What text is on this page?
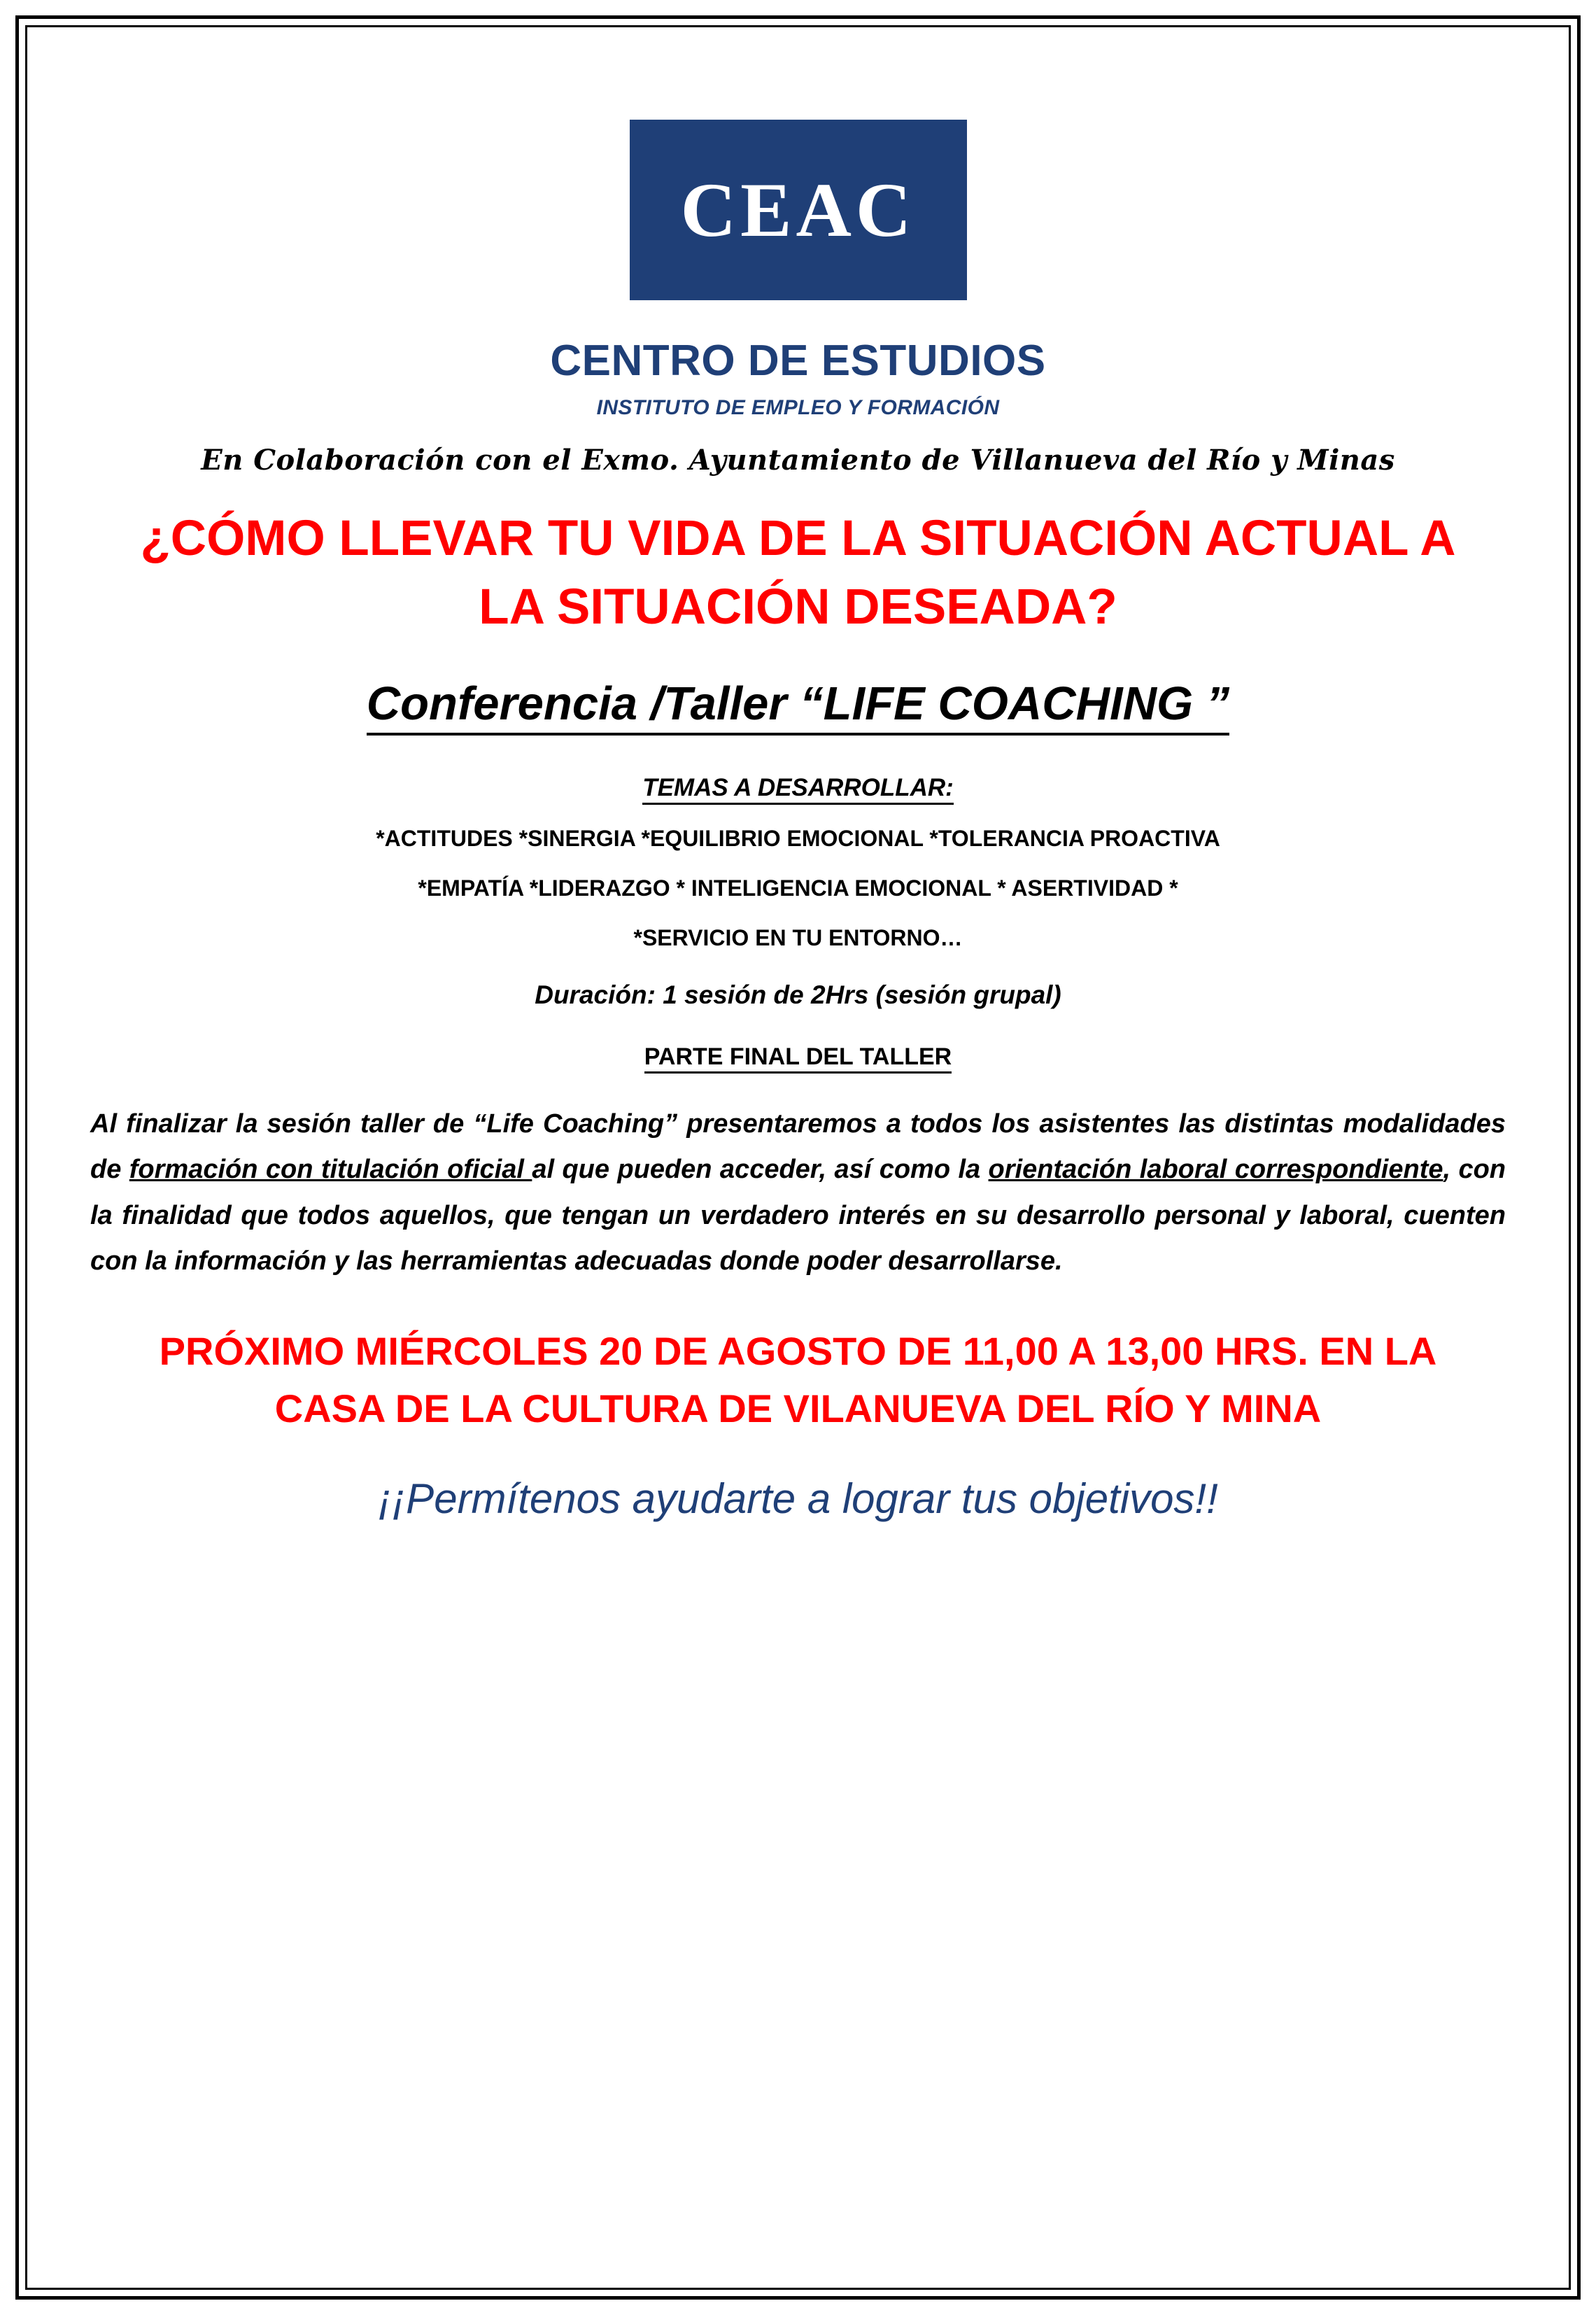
CEAC
CENTRO DE ESTUDIOS
INSTITUTO DE EMPLEO Y FORMACIÓN
En Colaboración con el Exmo. Ayuntamiento de Villanueva del Río y Minas
¿CÓMO LLEVAR TU VIDA DE LA SITUACIÓN ACTUAL A LA SITUACIÓN DESEADA?
Conferencia /Taller “LIFE COACHING ”
TEMAS A DESARROLLAR:
*ACTITUDES *SINERGIA *EQUILIBRIO EMOCIONAL *TOLERANCIA PROACTIVA
*EMPATÍA *LIDERAZGO * INTELIGENCIA EMOCIONAL * ASERTIVIDAD *
*SERVICIO EN TU ENTORNO…
Duración: 1 sesión de 2Hrs (sesión grupal)
PARTE FINAL DEL TALLER
Al finalizar la sesión taller de “Life Coaching” presentaremos a todos los asistentes las distintas modalidades de formación con titulación oficial al que pueden acceder, así como la orientación laboral correspondiente, con la finalidad que todos aquellos, que tengan un verdadero interés en su desarrollo personal y laboral, cuenten con la información y las herramientas adecuadas donde poder desarrollarse.
PRÓXIMO MIÉRCOLES 20 DE AGOSTO DE 11,00 A 13,00 HRS. EN LA CASA DE LA CULTURA DE VILANUEVA DEL RÍO Y MINA
¡¡Permítenos ayudarte a lograr tus objetivos!!
